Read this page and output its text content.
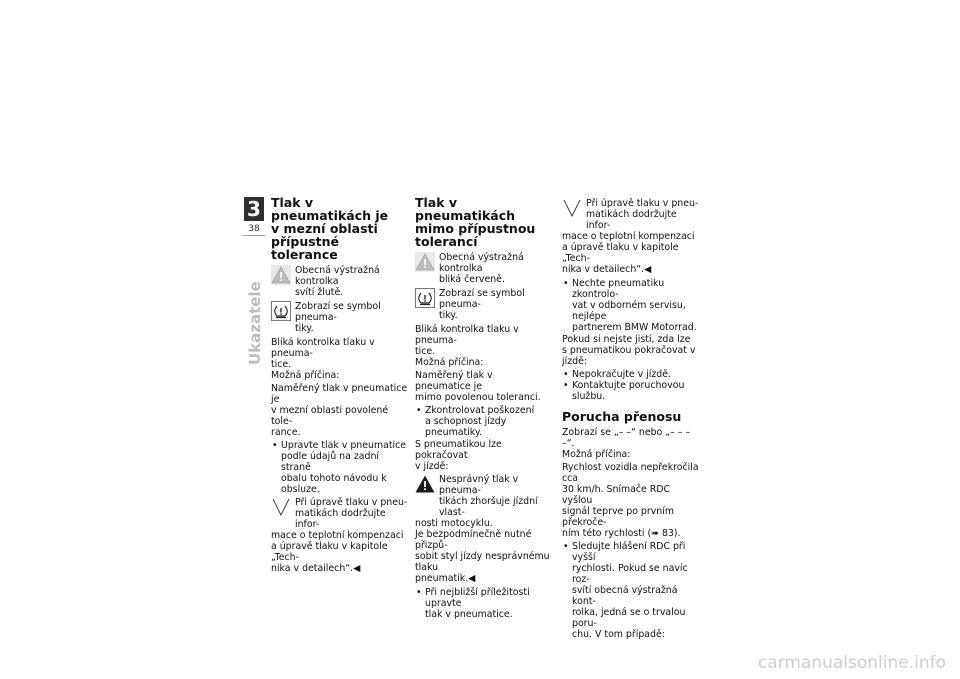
3
38
Ukazatele
Tlak v pneumatikách je
v mezní oblasti přípustné
tolerance
Obecná výstražná kontrolka
svítí žlutě.
Zobrazí se symbol pneuma-
tiky.

Bliká kontrolka tlaku v pneuma-
tice.
Možná příčina:

Naměřený tlak v pneumatice je
v mezní oblasti povolené tole-
rance.

• Upravte tlak v pneumatice
podle údajů na zadní straně
obalu tohoto návodu k obsluze.
Při úpravě tlaku v pneu-
matikách dodržujte infor-
mace o teplotní kompenzaci
a úpravě tlaku v kapitole „Tech-
nika v detailech“.◀
Tlak v pneumatikách
mimo přípustnou tolerancí
Obecná výstražná kontrolka
bliká červeně.
Zobrazí se symbol pneuma-
tiky.

Bliká kontrolka tlaku v pneuma-
tice.
Možná příčina:

Naměřený tlak v pneumatice je
mimo povolenou toleranci.

• Zkontrolovat poškození
a schopnost jízdy pneumatiky.

S pneumatikou lze pokračovat
v jízdě:

Nesprávný tlak v pneuma-
tikách zhoršuje jízdní vlast-
nosti motocyklu.
Je bezpodmínečně nutné přizpů-
sobit styl jízdy nesprávnému tlaku
pneumatik.◀
• Při nejbližší příležitosti upravte
tlak v pneumatice.
Při úpravě tlaku v pneu-
matikách dodržujte infor-
mace o teplotní kompenzaci
a úpravě tlaku v kapitole „Tech-
nika v detailech“.◀
• Nechte pneumatiku zkontrolo-
vat v odborném servisu, nejlépe
partnerem BMW Motorrad.

Pokud si nejste jistí, zda lze
s pneumatikou pokračovat v jízdě:

• Nepokračujte v jízdě.
• Kontaktujte poruchovou službu.
Porucha přenosu

Zobrazí se „– –“ nebo „– – – –“.
Možná příčina:

Rychlost vozidla nepřekročila cca
30 km/h. Snímače RDC vyšlou
signál teprve po prvním překroče-
ním této rychlosti (➠ 83).

• Sledujte hlášení RDC při vyšší
rychlosti. Pokud se navíc roz-
svítí obecná výstražná kont-
rolka, jedná se o trvalou poru-
chu. V tom případě:
carmanualsonline.info
